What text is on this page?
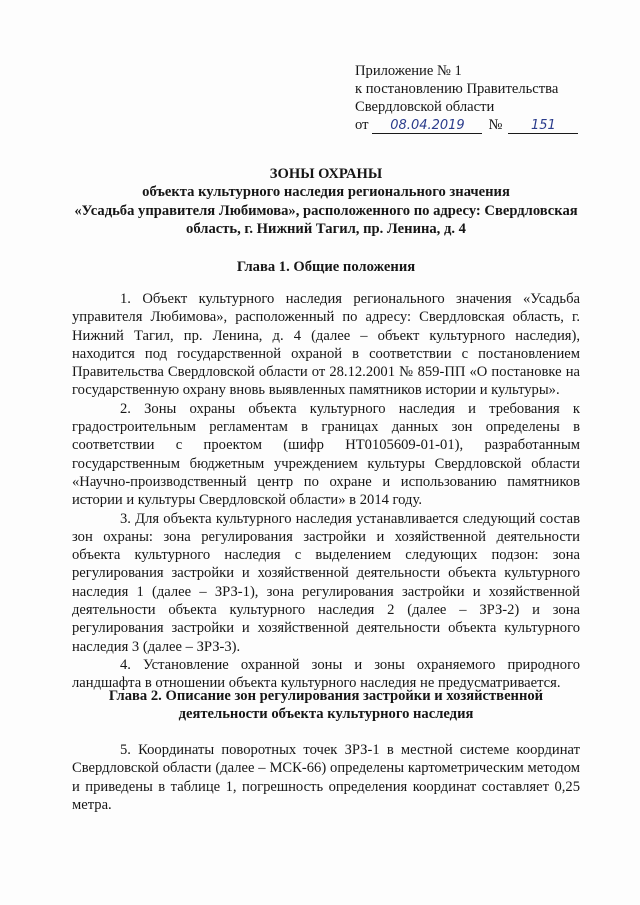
Приложение № 1
к постановлению Правительства
Свердловской области
от	08.04.2019	№	151
ЗОНЫ ОХРАНЫ
объекта культурного наследия регионального значения
«Усадьба управителя Любимова», расположенного по адресу: Свердловская область, г. Нижний Тагил, пр. Ленина, д. 4
Глава 1. Общие положения

1. Объект культурного наследия регионального значения «Усадьба управителя Любимова», расположенный по адресу: Свердловская область, г. Нижний Тагил, пр. Ленина, д. 4 (далее – объект культурного наследия), находится под государственной охраной в соответствии с постановлением Правительства Свердловской области от 28.12.2001 № 859-ПП «О постановке на государственную охрану вновь выявленных памятников истории и культуры».

2. Зоны охраны объекта культурного наследия и требования к градостроительным регламентам в границах данных зон определены в соответствии с проектом (шифр НТ0105609-01-01), разработанным государственным бюджетным учреждением культуры Свердловской области «Научно-производственный центр по охране и использованию памятников истории и культуры Свердловской области» в 2014 году.

3. Для объекта культурного наследия устанавливается следующий состав зон охраны: зона регулирования застройки и хозяйственной деятельности объекта культурного наследия с выделением следующих подзон: зона регулирования застройки и хозяйственной деятельности объекта культурного наследия 1 (далее – ЗРЗ-1), зона регулирования застройки и хозяйственной деятельности объекта культурного наследия 2 (далее – ЗРЗ-2) и зона регулирования застройки и хозяйственной деятельности объекта культурного наследия 3 (далее – ЗРЗ-3).

4. Установление охранной зоны и зоны охраняемого природного ландшафта в отношении объекта культурного наследия не предусматривается.

Глава 2. Описание зон регулирования застройки и хозяйственной деятельности объекта культурного наследия

5. Координаты поворотных точек ЗРЗ-1 в местной системе координат Свердловской области (далее – МСК-66) определены картометрическим методом и приведены в таблице 1, погрешность определения координат составляет 0,25 метра.
